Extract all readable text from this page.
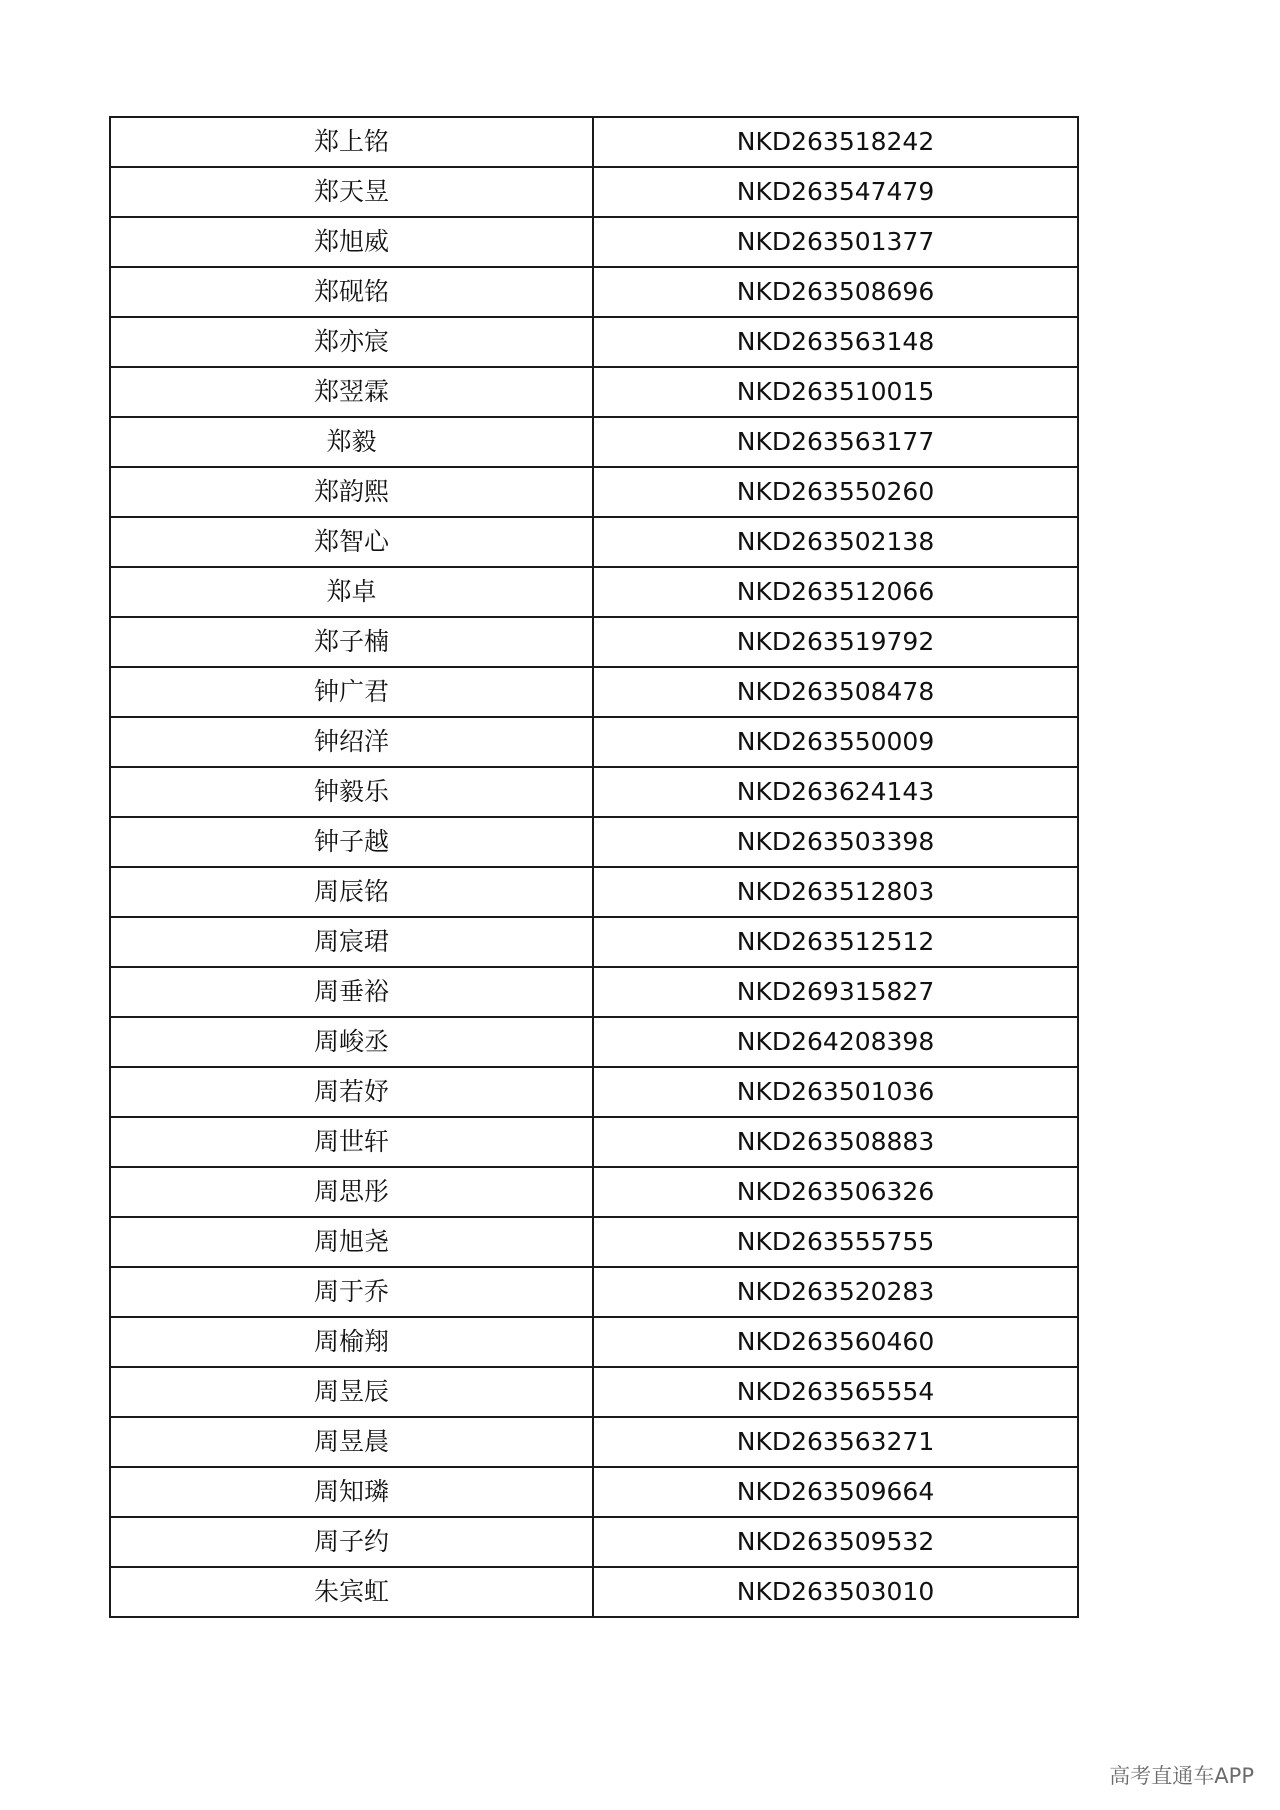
郑上铭	NKD263518242
郑天昱	NKD263547479
郑旭威	NKD263501377
郑砚铭	NKD263508696
郑亦宸	NKD263563148
郑翌霖	NKD263510015
郑毅	NKD263563177
郑韵熙	NKD263550260
郑智心	NKD263502138
郑卓	NKD263512066
郑子楠	NKD263519792
钟广君	NKD263508478
钟绍洋	NKD263550009
钟毅乐	NKD263624143
钟子越	NKD263503398
周辰铭	NKD263512803
周宸珺	NKD263512512
周垂裕	NKD269315827
周峻丞	NKD264208398
周若妤	NKD263501036
周世轩	NKD263508883
周思彤	NKD263506326
周旭尧	NKD263555755
周于乔	NKD263520283
周榆翔	NKD263560460
周昱辰	NKD263565554
周昱晨	NKD263563271
周知璘	NKD263509664
周子约	NKD263509532
朱宾虹	NKD263503010
高考直通车APP
